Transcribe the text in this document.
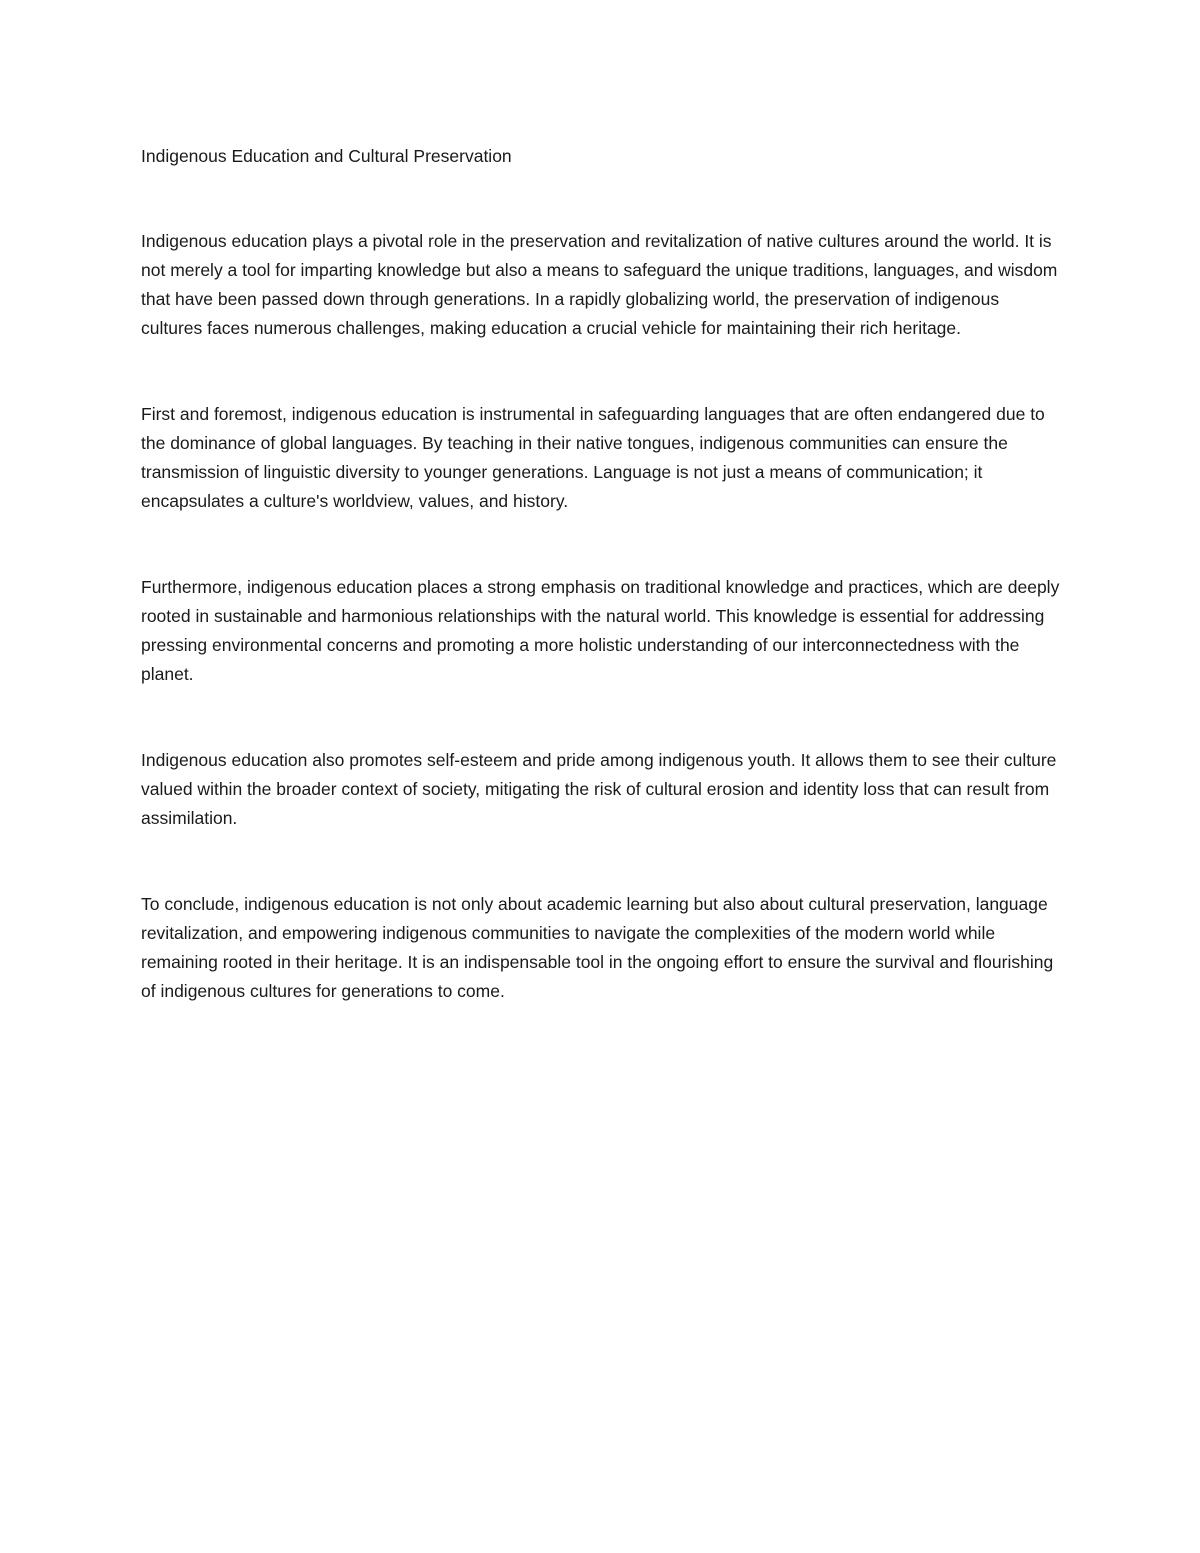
Indigenous Education and Cultural Preservation

Indigenous education plays a pivotal role in the preservation and revitalization of native cultures around the world. It is not merely a tool for imparting knowledge but also a means to safeguard the unique traditions, languages, and wisdom that have been passed down through generations. In a rapidly globalizing world, the preservation of indigenous cultures faces numerous challenges, making education a crucial vehicle for maintaining their rich heritage.

First and foremost, indigenous education is instrumental in safeguarding languages that are often endangered due to the dominance of global languages. By teaching in their native tongues, indigenous communities can ensure the transmission of linguistic diversity to younger generations. Language is not just a means of communication; it encapsulates a culture's worldview, values, and history.

Furthermore, indigenous education places a strong emphasis on traditional knowledge and practices, which are deeply rooted in sustainable and harmonious relationships with the natural world. This knowledge is essential for addressing pressing environmental concerns and promoting a more holistic understanding of our interconnectedness with the planet.

Indigenous education also promotes self-esteem and pride among indigenous youth. It allows them to see their culture valued within the broader context of society, mitigating the risk of cultural erosion and identity loss that can result from assimilation.

To conclude, indigenous education is not only about academic learning but also about cultural preservation, language revitalization, and empowering indigenous communities to navigate the complexities of the modern world while remaining rooted in their heritage. It is an indispensable tool in the ongoing effort to ensure the survival and flourishing of indigenous cultures for generations to come.
